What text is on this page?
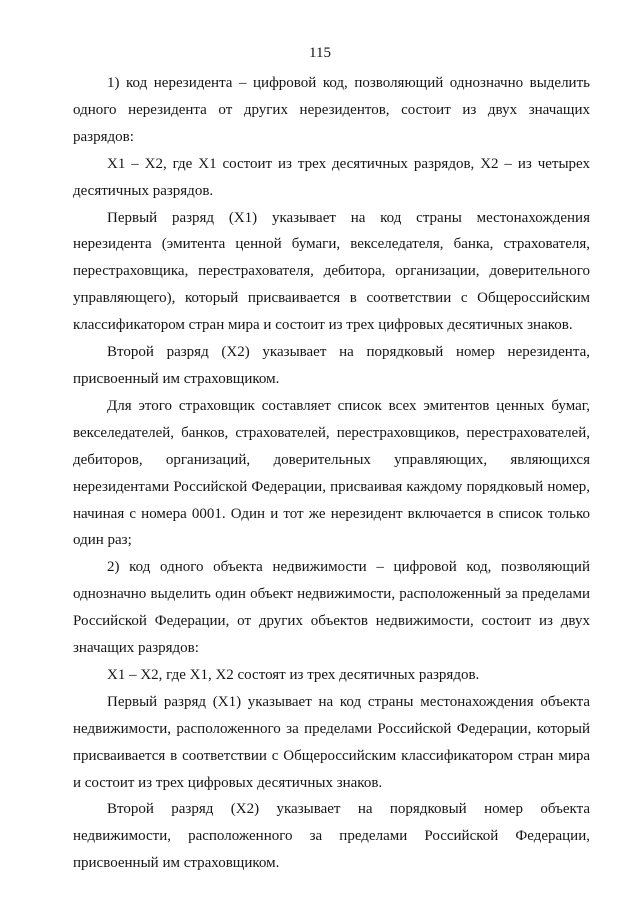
115

1) код нерезидента – цифровой код, позволяющий однозначно выделить одного нерезидента от других нерезидентов, состоит из двух значащих разрядов:

Х1 – Х2, где Х1 состоит из трех десятичных разрядов, Х2 – из четырех десятичных разрядов.

Первый разряд (Х1) указывает на код страны местонахождения нерезидента (эмитента ценной бумаги, векселедателя, банка, страхователя, перестраховщика, перестрахователя, дебитора, организации, доверительного управляющего), который присваивается в соответствии с Общероссийским классификатором стран мира и состоит из трех цифровых десятичных знаков.

Второй разряд (Х2) указывает на порядковый номер нерезидента, присвоенный им страховщиком.

Для этого страховщик составляет список всех эмитентов ценных бумаг, векселедателей, банков, страхователей, перестраховщиков, перестрахователей, дебиторов, организаций, доверительных управляющих, являющихся нерезидентами Российской Федерации, присваивая каждому порядковый номер, начиная с номера 0001. Один и тот же нерезидент включается в список только один раз;

2) код одного объекта недвижимости – цифровой код, позволяющий однозначно выделить один объект недвижимости, расположенный за пределами Российской Федерации, от других объектов недвижимости, состоит из двух значащих разрядов:

Х1 – Х2, где Х1, Х2 состоят из трех десятичных разрядов.

Первый разряд (Х1) указывает на код страны местонахождения объекта недвижимости, расположенного за пределами Российской Федерации, который присваивается в соответствии с Общероссийским классификатором стран мира и состоит из трех цифровых десятичных знаков.

Второй разряд (Х2) указывает на порядковый номер объекта недвижимости, расположенного за пределами Российской Федерации, присвоенный им страховщиком.
